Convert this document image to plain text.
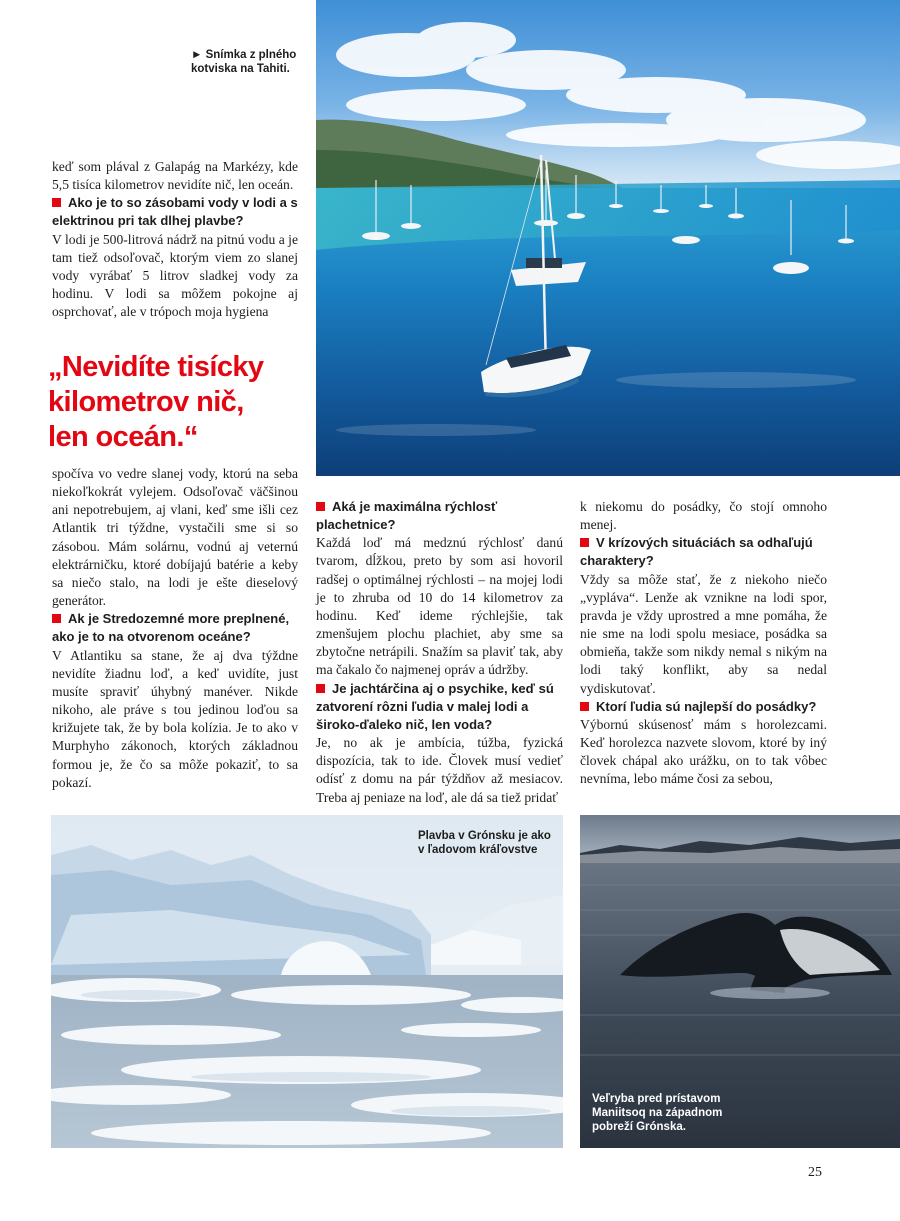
► Snímka z plného
kotviska na Tahiti.

keď som plával z Galapág na Markézy, kde 5,5 tisíca kilometrov nevidíte nič, len oceán.

Ako je to so zásobami vody v lodi a s elektrinou pri tak dlhej plavbe?

V lodi je 500-litrová nádrž na pitnú vodu a je tam tiež odsoľovač, ktorým viem zo slanej vody vyrábať 5 litrov sladkej vody za hodinu. V lodi sa môžem pokojne aj osprchovať, ale v trópoch moja hygiena

„Nevidíte tisícky
kilometrov nič,
len oceán.“

spočíva vo vedre slanej vody, ktorú na seba niekoľkokrát vylejem. Odsoľovač väčšinou ani nepotrebujem, aj vlani, keď sme išli cez Atlantik tri týždne, vystačili sme si so zásobou. Mám solárnu, vodnú aj veternú elektrárničku, ktoré dobíjajú batérie a keby sa niečo stalo, na lodi je ešte dieselový generátor.

Ak je Stredozemné more preplnené, ako je to na otvorenom oceáne?

V Atlantiku sa stane, že aj dva týždne nevidíte žiadnu loď, a keď uvidíte, just musíte spraviť úhybný manéver. Nikde nikoho, ale práve s tou jedinou loďou sa križujete tak, že by bola kolízia. Je to ako v Murphyho zákonoch, ktorých základnou formou je, že čo sa môže pokaziť, to sa pokazí.

Aká je maximálna rýchlosť plachetnice?

Každá loď má medznú rýchlosť danú tvarom, dĺžkou, preto by som asi hovoril radšej o optimálnej rýchlosti – na mojej lodi je to zhruba od 10 do 14 kilometrov za hodinu. Keď ideme rýchlejšie, tak zmenšujem plochu plachiet, aby sme sa zbytočne netrápili. Snažím sa plaviť tak, aby ma čakalo čo najmenej opráv a údržby.

Je jachtárčina aj o psychike, keď sú zatvorení rôzni ľudia v malej lodi a široko-ďaleko nič, len voda?

Je, no ak je ambícia, túžba, fyzická dispozícia, tak to ide. Človek musí vedieť odísť z domu na pár týždňov až mesiacov. Treba aj peniaze na loď, ale dá sa tiež pridať

k niekomu do posádky, čo stojí omnoho menej.

V krízových situáciách sa odhaľujú charaktery?

Vždy sa môže stať, že z niekoho niečo „vypláva“. Lenže ak vznikne na lodi spor, pravda je vždy uprostred a mne pomáha, že nie sme na lodi spolu mesiace, posádka sa obmieňa, takže som nikdy nemal s nikým na lodi taký konflikt, aby sa nedal vydiskutovať.

Ktorí ľudia sú najlepší do posádky?

Výbornú skúsenosť mám s horolezcami. Keď horolezca nazvete slovom, ktoré by iný človek chápal ako urážku, on to tak vôbec nevníma, lebo máme čosi za sebou,

Plavba v Grónsku je ako
v ľadovom kráľovstve
Veľryba pred prístavom
Maniitsoq na západnom
pobreží Grónska.
25
